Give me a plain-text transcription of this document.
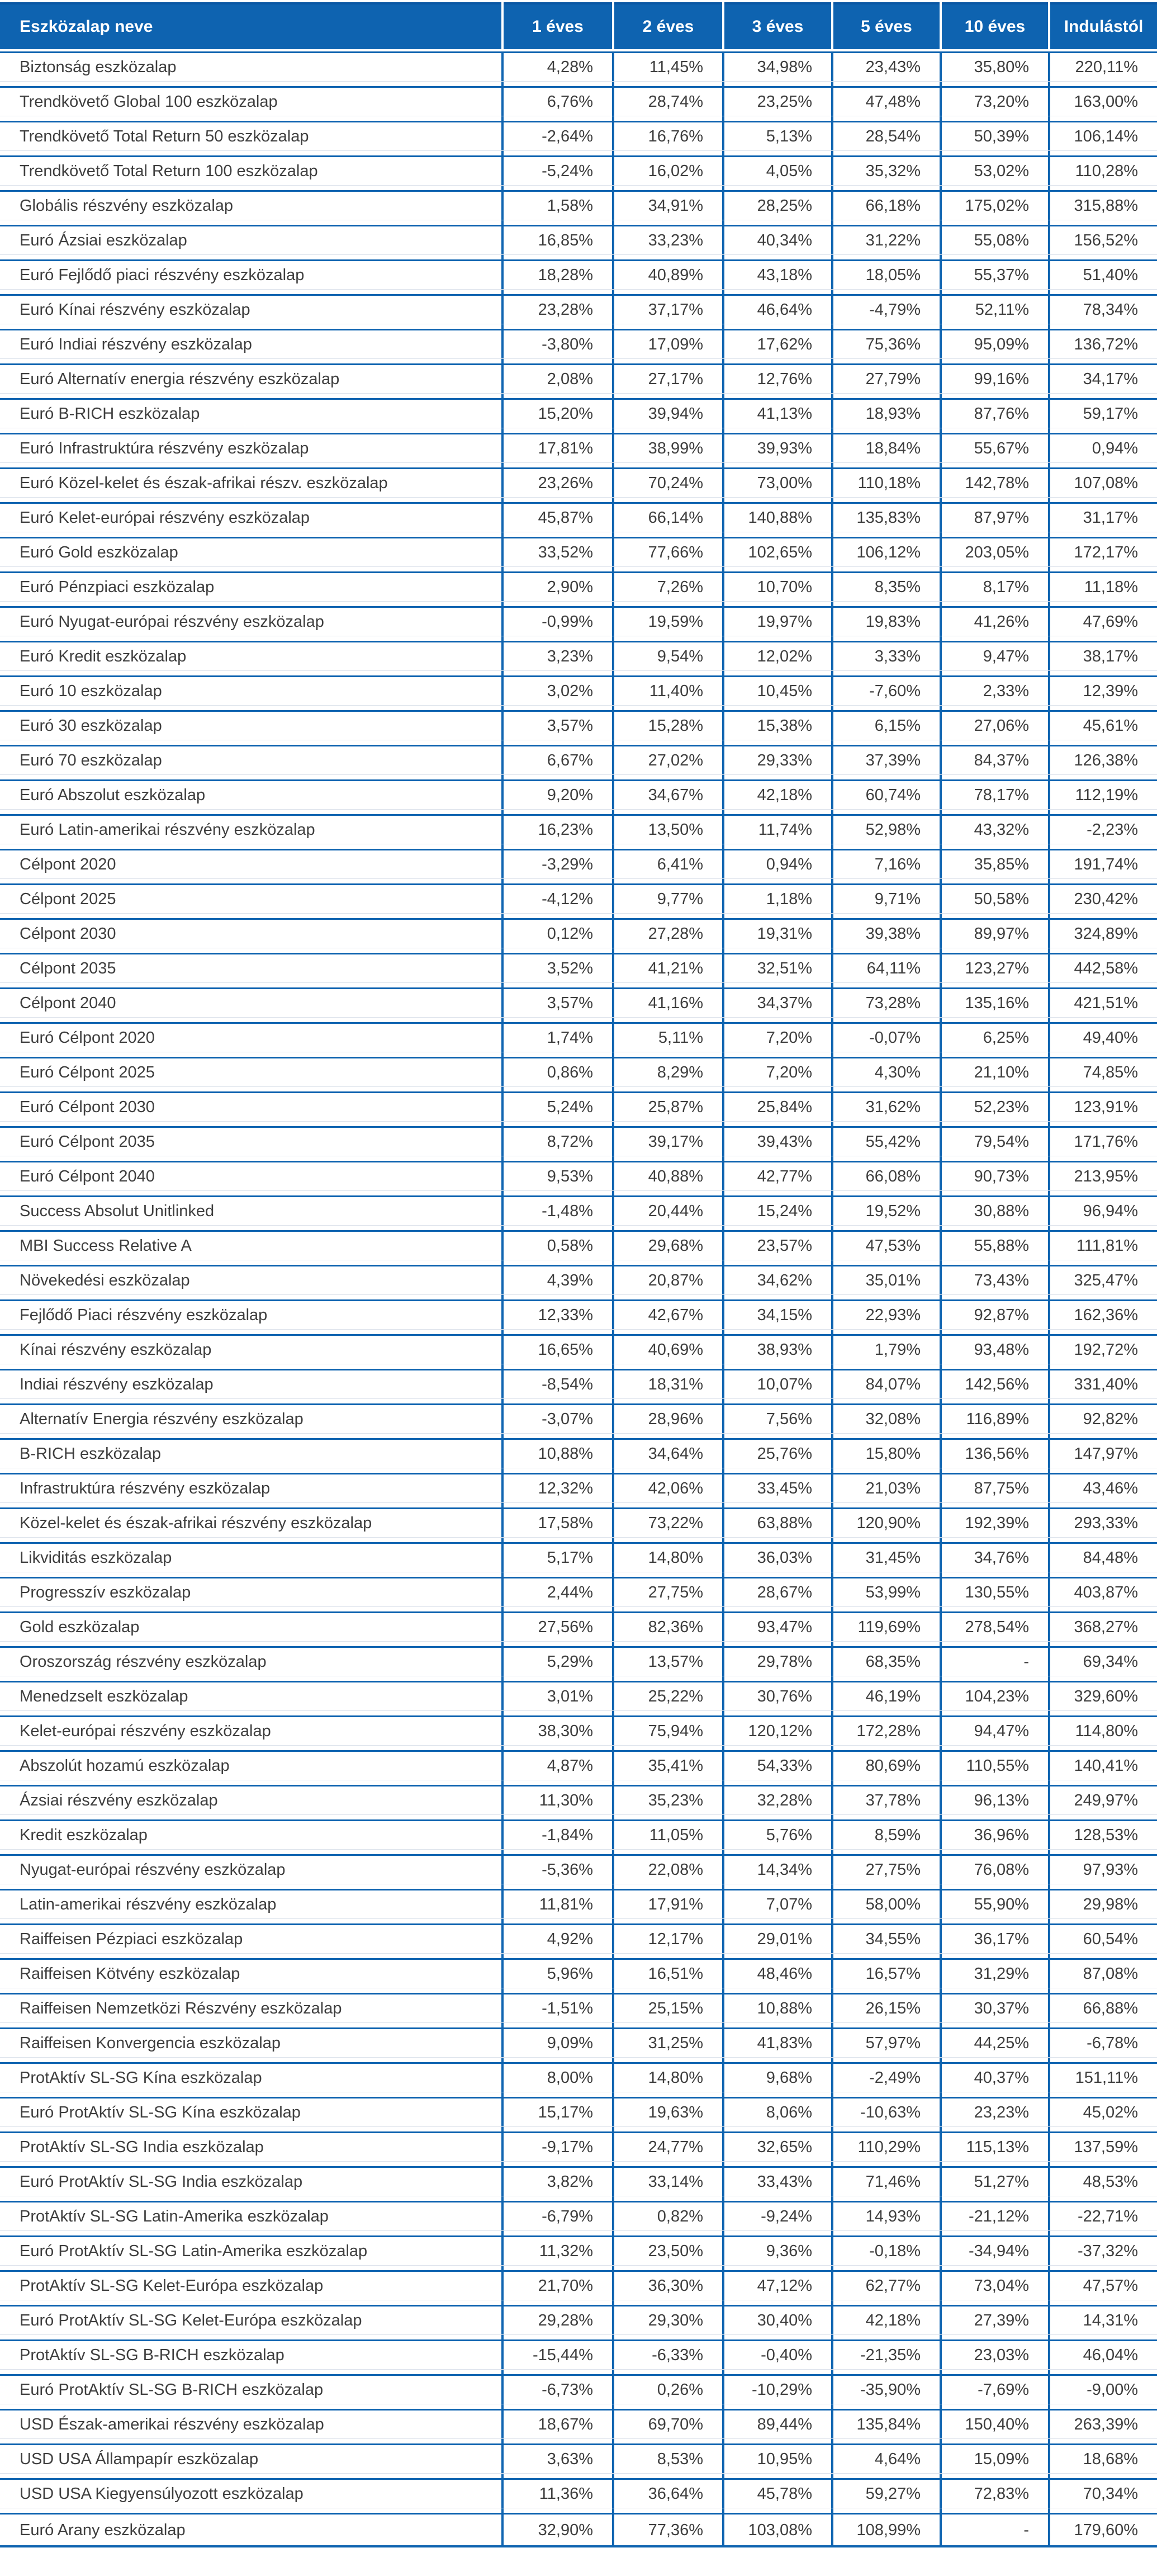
Eszközalap neve	1 éves	2 éves	3 éves	5 éves	10 éves	Indulástól
Biztonság eszközalap	4,28%	11,45%	34,98%	23,43%	35,80%	220,11%
Trendkövető Global 100 eszközalap	6,76%	28,74%	23,25%	47,48%	73,20%	163,00%
Trendkövető Total Return 50 eszközalap	-2,64%	16,76%	5,13%	28,54%	50,39%	106,14%
Trendkövető Total Return 100 eszközalap	-5,24%	16,02%	4,05%	35,32%	53,02%	110,28%
Globális részvény eszközalap	1,58%	34,91%	28,25%	66,18%	175,02%	315,88%
Euró Ázsiai eszközalap	16,85%	33,23%	40,34%	31,22%	55,08%	156,52%
Euró Fejlődő piaci részvény eszközalap	18,28%	40,89%	43,18%	18,05%	55,37%	51,40%
Euró Kínai részvény eszközalap	23,28%	37,17%	46,64%	-4,79%	52,11%	78,34%
Euró Indiai részvény eszközalap	-3,80%	17,09%	17,62%	75,36%	95,09%	136,72%
Euró Alternatív energia részvény eszközalap	2,08%	27,17%	12,76%	27,79%	99,16%	34,17%
Euró B-RICH eszközalap	15,20%	39,94%	41,13%	18,93%	87,76%	59,17%
Euró Infrastruktúra részvény eszközalap	17,81%	38,99%	39,93%	18,84%	55,67%	0,94%
Euró Közel-kelet és észak-afrikai részv. eszközalap	23,26%	70,24%	73,00%	110,18%	142,78%	107,08%
Euró Kelet-európai részvény eszközalap	45,87%	66,14%	140,88%	135,83%	87,97%	31,17%
Euró Gold eszközalap	33,52%	77,66%	102,65%	106,12%	203,05%	172,17%
Euró Pénzpiaci eszközalap	2,90%	7,26%	10,70%	8,35%	8,17%	11,18%
Euró Nyugat-európai részvény eszközalap	-0,99%	19,59%	19,97%	19,83%	41,26%	47,69%
Euró Kredit eszközalap	3,23%	9,54%	12,02%	3,33%	9,47%	38,17%
Euró 10 eszközalap	3,02%	11,40%	10,45%	-7,60%	2,33%	12,39%
Euró 30 eszközalap	3,57%	15,28%	15,38%	6,15%	27,06%	45,61%
Euró 70 eszközalap	6,67%	27,02%	29,33%	37,39%	84,37%	126,38%
Euró Abszolut eszközalap	9,20%	34,67%	42,18%	60,74%	78,17%	112,19%
Euró Latin-amerikai részvény eszközalap	16,23%	13,50%	11,74%	52,98%	43,32%	-2,23%
Célpont 2020	-3,29%	6,41%	0,94%	7,16%	35,85%	191,74%
Célpont 2025	-4,12%	9,77%	1,18%	9,71%	50,58%	230,42%
Célpont 2030	0,12%	27,28%	19,31%	39,38%	89,97%	324,89%
Célpont 2035	3,52%	41,21%	32,51%	64,11%	123,27%	442,58%
Célpont 2040	3,57%	41,16%	34,37%	73,28%	135,16%	421,51%
Euró Célpont 2020	1,74%	5,11%	7,20%	-0,07%	6,25%	49,40%
Euró Célpont 2025	0,86%	8,29%	7,20%	4,30%	21,10%	74,85%
Euró Célpont 2030	5,24%	25,87%	25,84%	31,62%	52,23%	123,91%
Euró Célpont 2035	8,72%	39,17%	39,43%	55,42%	79,54%	171,76%
Euró Célpont 2040	9,53%	40,88%	42,77%	66,08%	90,73%	213,95%
Success Absolut Unitlinked	-1,48%	20,44%	15,24%	19,52%	30,88%	96,94%
MBI Success Relative A	0,58%	29,68%	23,57%	47,53%	55,88%	111,81%
Növekedési eszközalap	4,39%	20,87%	34,62%	35,01%	73,43%	325,47%
Fejlődő Piaci részvény eszközalap	12,33%	42,67%	34,15%	22,93%	92,87%	162,36%
Kínai részvény eszközalap	16,65%	40,69%	38,93%	1,79%	93,48%	192,72%
Indiai részvény eszközalap	-8,54%	18,31%	10,07%	84,07%	142,56%	331,40%
Alternatív Energia részvény eszközalap	-3,07%	28,96%	7,56%	32,08%	116,89%	92,82%
B-RICH eszközalap	10,88%	34,64%	25,76%	15,80%	136,56%	147,97%
Infrastruktúra részvény eszközalap	12,32%	42,06%	33,45%	21,03%	87,75%	43,46%
Közel-kelet és észak-afrikai részvény eszközalap	17,58%	73,22%	63,88%	120,90%	192,39%	293,33%
Likviditás eszközalap	5,17%	14,80%	36,03%	31,45%	34,76%	84,48%
Progresszív eszközalap	2,44%	27,75%	28,67%	53,99%	130,55%	403,87%
Gold eszközalap	27,56%	82,36%	93,47%	119,69%	278,54%	368,27%
Oroszország részvény eszközalap	5,29%	13,57%	29,78%	68,35%	-	69,34%
Menedzselt eszközalap	3,01%	25,22%	30,76%	46,19%	104,23%	329,60%
Kelet-európai részvény eszközalap	38,30%	75,94%	120,12%	172,28%	94,47%	114,80%
Abszolút hozamú eszközalap	4,87%	35,41%	54,33%	80,69%	110,55%	140,41%
Ázsiai részvény eszközalap	11,30%	35,23%	32,28%	37,78%	96,13%	249,97%
Kredit eszközalap	-1,84%	11,05%	5,76%	8,59%	36,96%	128,53%
Nyugat-európai részvény eszközalap	-5,36%	22,08%	14,34%	27,75%	76,08%	97,93%
Latin-amerikai részvény eszközalap	11,81%	17,91%	7,07%	58,00%	55,90%	29,98%
Raiffeisen Pézpiaci eszközalap	4,92%	12,17%	29,01%	34,55%	36,17%	60,54%
Raiffeisen Kötvény eszközalap	5,96%	16,51%	48,46%	16,57%	31,29%	87,08%
Raiffeisen Nemzetközi Részvény eszközalap	-1,51%	25,15%	10,88%	26,15%	30,37%	66,88%
Raiffeisen Konvergencia eszközalap	9,09%	31,25%	41,83%	57,97%	44,25%	-6,78%
ProtAktív SL-SG Kína eszközalap	8,00%	14,80%	9,68%	-2,49%	40,37%	151,11%
Euró ProtAktív SL-SG Kína eszközalap	15,17%	19,63%	8,06%	-10,63%	23,23%	45,02%
ProtAktív SL-SG India eszközalap	-9,17%	24,77%	32,65%	110,29%	115,13%	137,59%
Euró ProtAktív SL-SG India eszközalap	3,82%	33,14%	33,43%	71,46%	51,27%	48,53%
ProtAktív SL-SG Latin-Amerika eszközalap	-6,79%	0,82%	-9,24%	14,93%	-21,12%	-22,71%
Euró ProtAktív SL-SG Latin-Amerika eszközalap	11,32%	23,50%	9,36%	-0,18%	-34,94%	-37,32%
ProtAktív SL-SG Kelet-Európa eszközalap	21,70%	36,30%	47,12%	62,77%	73,04%	47,57%
Euró ProtAktív SL-SG Kelet-Európa eszközalap	29,28%	29,30%	30,40%	42,18%	27,39%	14,31%
ProtAktív SL-SG B-RICH eszközalap	-15,44%	-6,33%	-0,40%	-21,35%	23,03%	46,04%
Euró ProtAktív SL-SG B-RICH eszközalap	-6,73%	0,26%	-10,29%	-35,90%	-7,69%	-9,00%
USD Észak-amerikai részvény eszközalap	18,67%	69,70%	89,44%	135,84%	150,40%	263,39%
USD USA Állampapír eszközalap	3,63%	8,53%	10,95%	4,64%	15,09%	18,68%
USD USA Kiegyensúlyozott eszközalap	11,36%	36,64%	45,78%	59,27%	72,83%	70,34%
Euró Arany eszközalap	32,90%	77,36%	103,08%	108,99%	-	179,60%
